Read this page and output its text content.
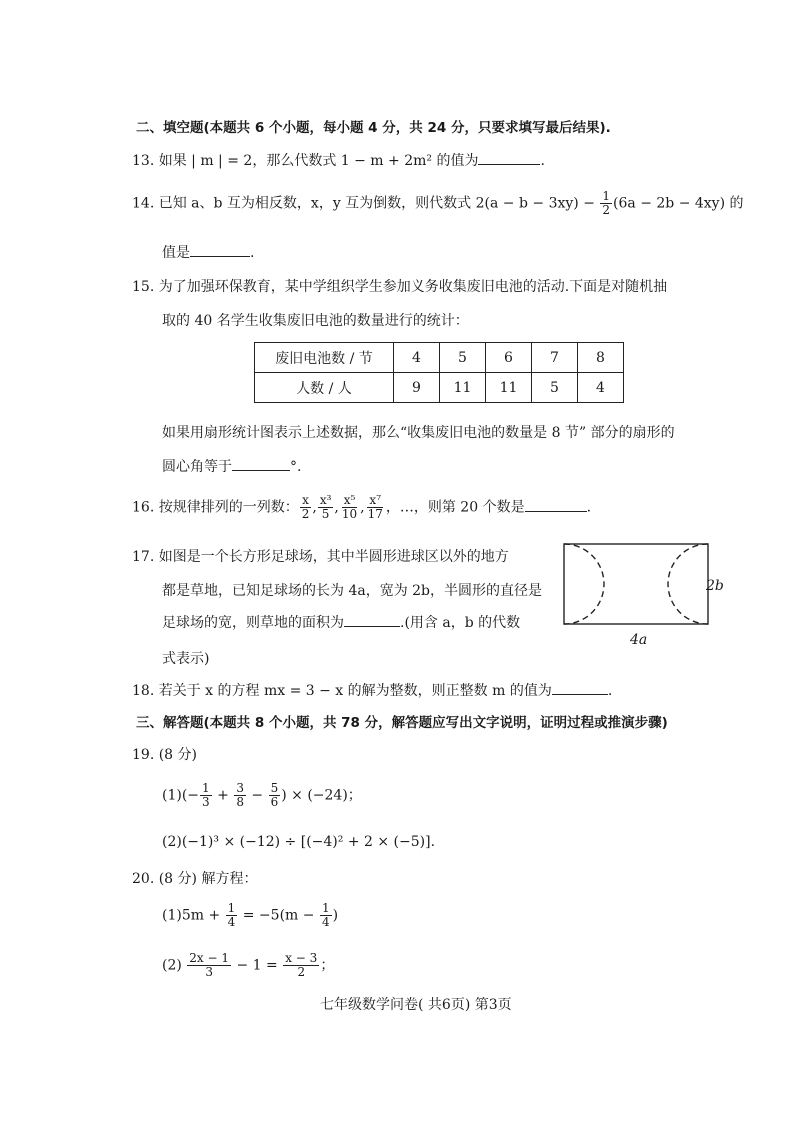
二、填空题(本题共 6 个小题，每小题 4 分，共 24 分，只要求填写最后结果).
13. 如果 | m | = 2，那么代数式 1 − m + 2m² 的值为	.
14. 已知 a、b 互为相反数，x，y 互为倒数，则代数式 $2(a - b - 3xy) - \frac{1}{2} (6a - 2b - 4xy)$ 的
值是	.
15. 为了加强环保教育，某中学组织学生参加义务收集废旧电池的活动.下面是对随机抽
取的 40 名学生收集废旧电池的数量进行的统计：
废旧电池数 / 节	4	5	6	7	8
人数 / 人	9	11	11	5	4
如果用扇形统计图表示上述数据，那么“收集废旧电池的数量是 8 节” 部分的扇形的
圆心角等于	°.
16. 按规律排列的一列数： $\frac{x}{2}$ , $\frac{\text{x³}}{5}$ , $\frac{\text{x⁵}}{10}$ , $\frac{\text{x⁷}}{17}$ ，…，则第 20 个数是	.
17. 如图是一个长方形足球场，其中半圆形进球区以外的地方
都是草地，已知足球场的长为 4a，宽为 2b，半圆形的直径是
足球场的宽，则草地的面积为	.(用含 a，b 的代数
式表示)
2b
4a
18. 若关于 x 的方程 mx = 3 − x 的解为整数，则正整数 m 的值为	.
三、解答题(本题共 8 个小题，共 78 分，解答题应写出文字说明，证明过程或推演步骤)
19. (8 分)
$(1)(- \frac{1}{3} + \frac{3}{8} - \frac{5}{6}$ ) × (−24)；
(2)(−1)³ × (−12) ÷ [(−4)² + 2 × (−5)].
20. (8 分) 解方程：
$(1)5m + \frac{1}{4} = -5(m - \frac{1}{4}$ )
$(2) \frac{2x - 1}{3} - 1 = \frac{x - 3}{2}$ ；
七年级数学问卷( 共6页) 第3页
